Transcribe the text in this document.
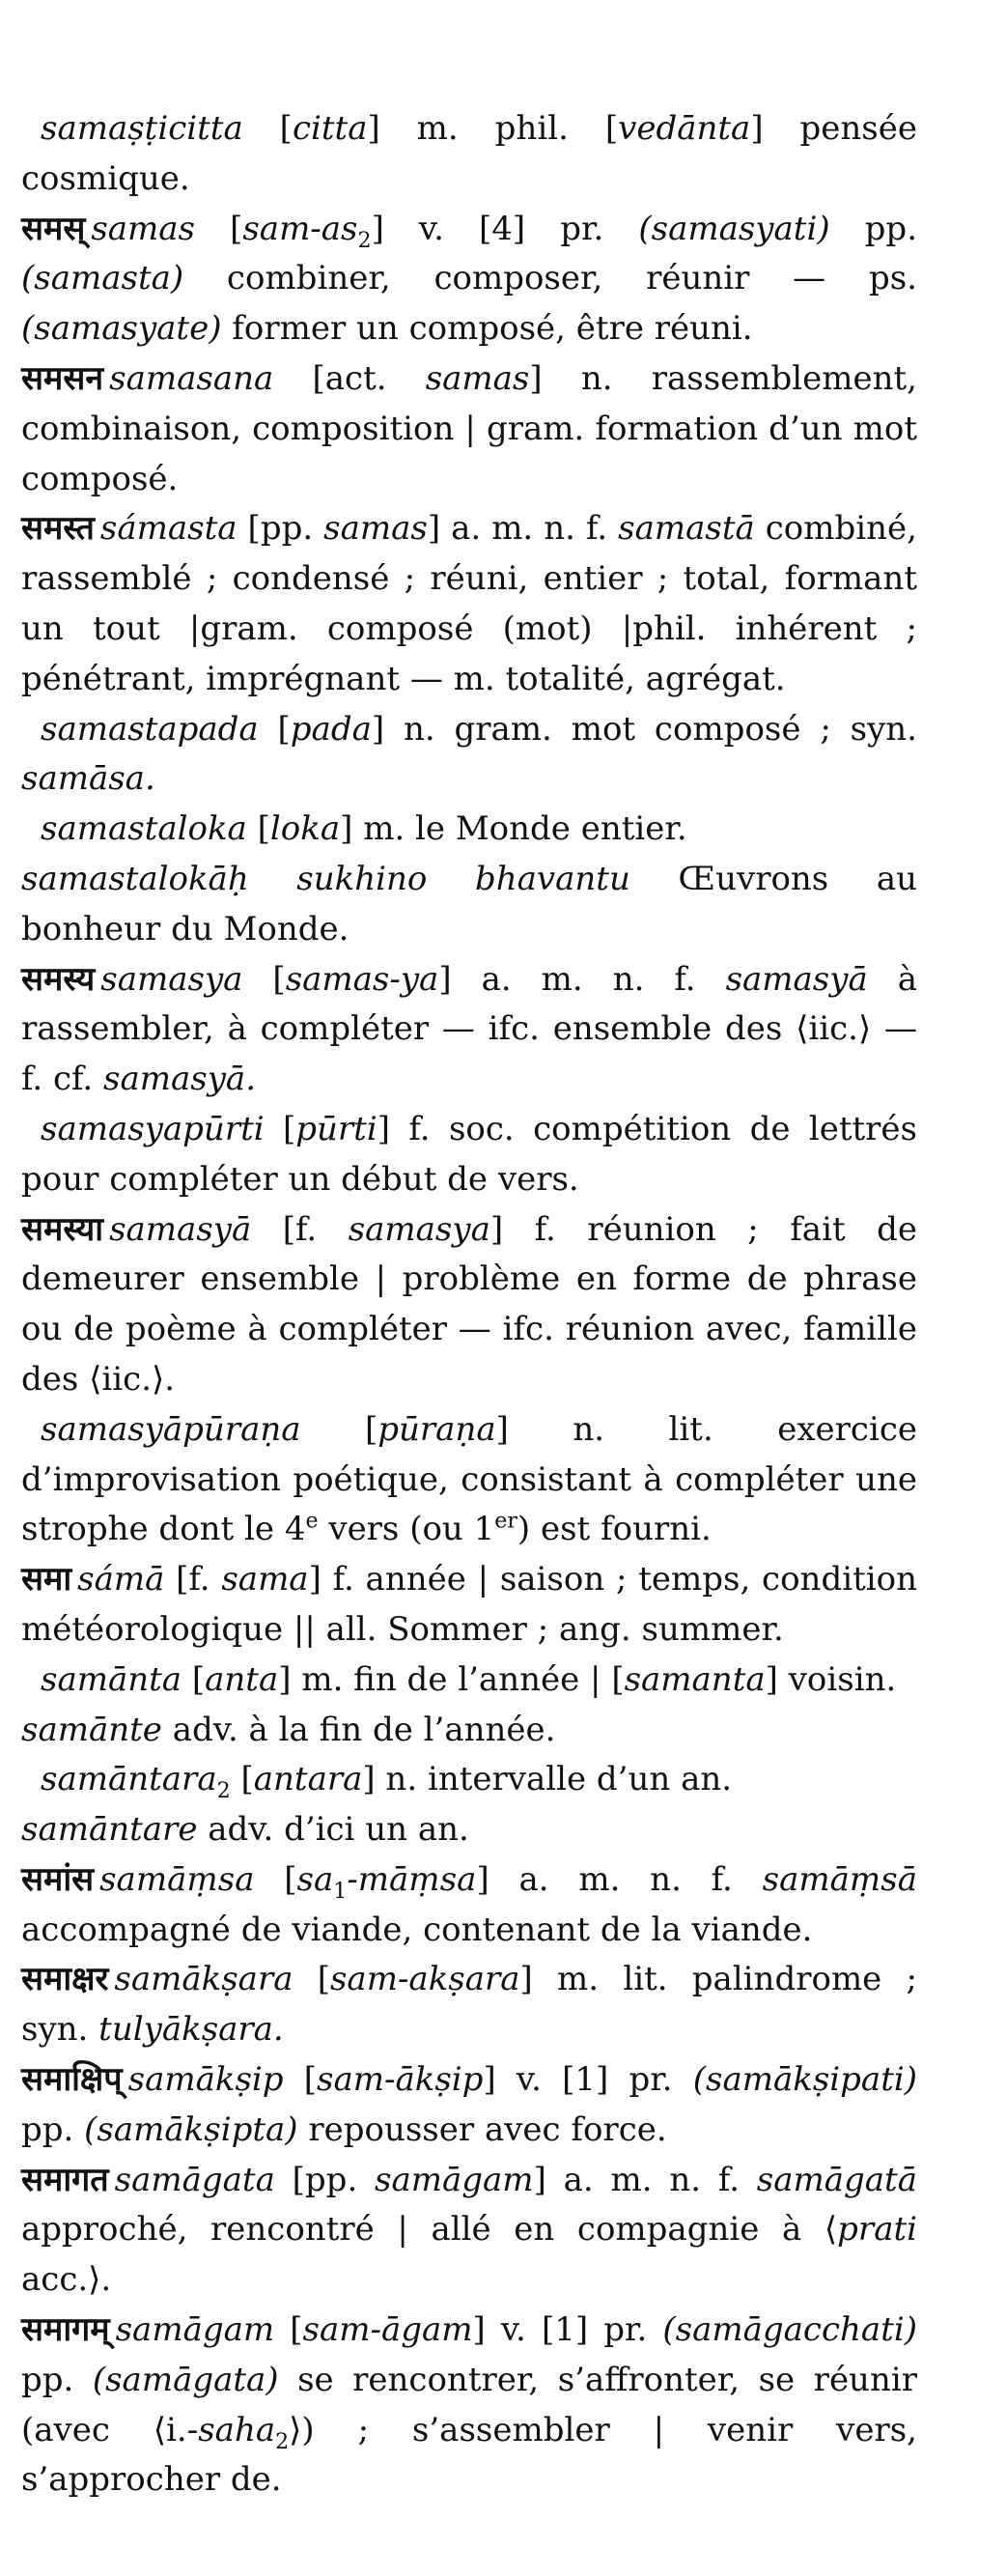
samaṣṭicitta [citta] m. phil. [vedānta] pensée cosmique.

समस् samas $[sam-as_2]$ v. [4] pr. (samasyati) pp. (samasta) combiner, composer, réunir — ps. (samasyate) former un composé, être réuni.

समसन samasana [act. samas] n. rassemblement, combinaison, composition | gram. formation d’un mot composé.

समस्त sámasta [pp. samas] a. m. n. f. samastā combiné, rassemblé ; condensé ; réuni, entier ; total, formant un tout |gram. composé (mot) |phil. inhérent ; pénétrant, imprégnant — m. totalité, agrégat.

samastapada [pada] n. gram. mot composé ; syn. samāsa.

samastaloka [loka] m. le Monde entier.

samastalokāḥ sukhino bhavantu Œuvrons au bonheur du Monde.

समस्य samasya [samas-ya] a. m. n. f. samasyā à rassembler, à compléter — ifc. ensemble des ⟨iic.⟩ — f. cf. samasyā.

samasyapūrti [pūrti] f. soc. compétition de lettrés pour compléter un début de vers.

समस्या samasyā [f. samasya] f. réunion ; fait de demeurer ensemble | problème en forme de phrase ou de poème à compléter — ifc. réunion avec, famille des ⟨iic.⟩.

samasyāpūraṇa [pūraṇa] n. lit. exercice d’improvisation poétique, consistant à compléter une strophe dont le 4e vers (ou 1er) est fourni.

समा sámā [f. sama] f. année | saison ; temps, condition météorologique || all. Sommer ; ang. summer.

samānta [anta] m. fin de l’année | [samanta] voisin.

samānte adv. à la fin de l’année.

samāntara$_2$ [antara] n. intervalle d’un an.

samāntare adv. d’ici un an.

समांस samāṃsa $[sa_1-māṃsa]$ a. m. n. f. samāṃsā accompagné de viande, contenant de la viande.

समाक्षर samākṣara [sam-akṣara] m. lit. palindrome ; syn. tulyākṣara.

समाक्षिप् samākṣip [sam-ākṣip] v. [1] pr. (samākṣipati) pp. (samākṣipta) repousser avec force.

समागत samāgata [pp. samāgam] a. m. n. f. samāgatā approché, rencontré | allé en compagnie à ⟨prati acc.⟩.

समागम् samāgam [sam-āgam] v. [1] pr. (samāgacchati) pp. (samāgata) se rencontrer, s’affronter, se réunir (avec ⟨i.-saha$_2$⟩) ; s’assembler | venir vers, s’approcher de.
